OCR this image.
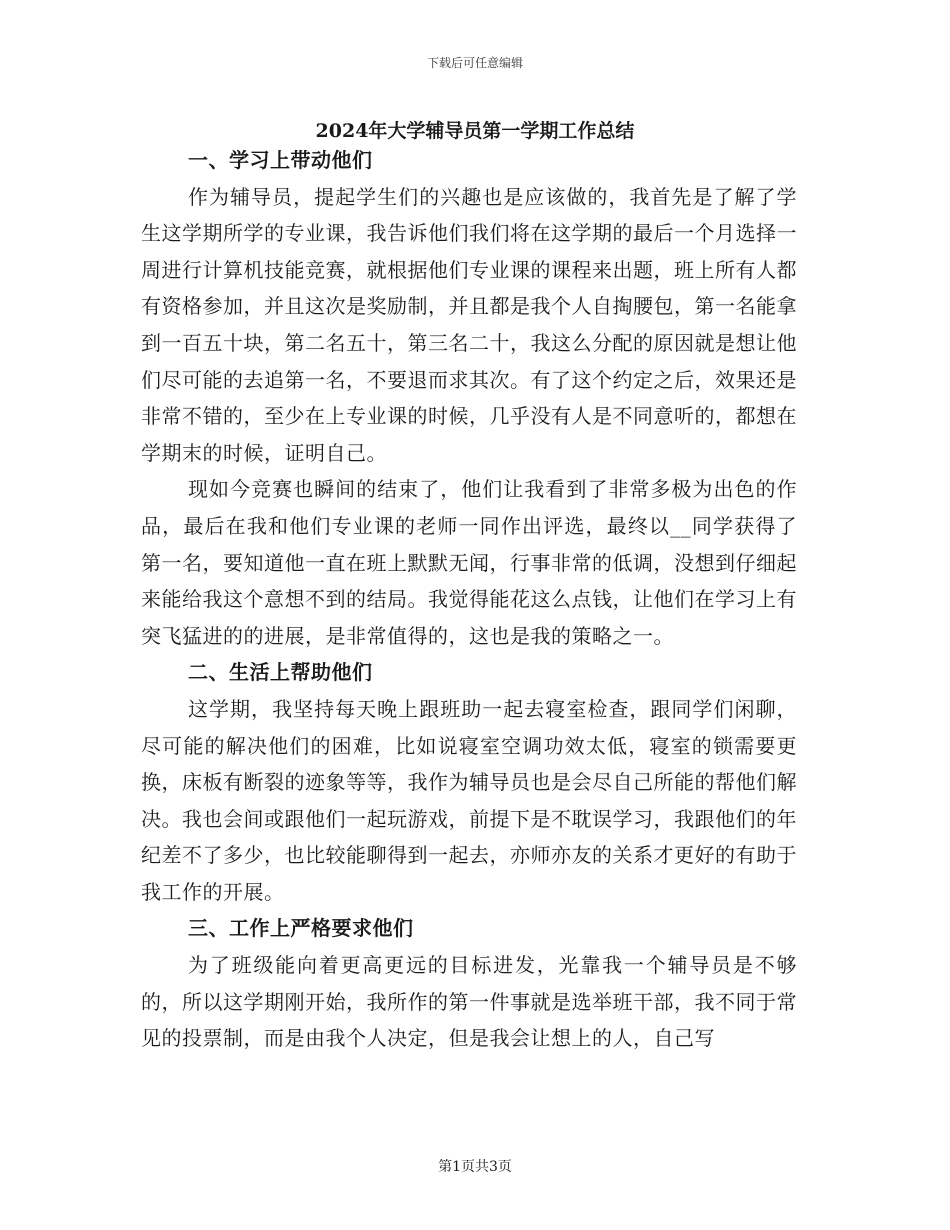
下载后可任意编辑
2024年大学辅导员第一学期工作总结

一、学习上带动他们

作为辅导员，提起学生们的兴趣也是应该做的，我首先是了解了学生这学期所学的专业课，我告诉他们我们将在这学期的最后一个月选择一周进行计算机技能竞赛，就根据他们专业课的课程来出题，班上所有人都有资格参加，并且这次是奖励制，并且都是我个人自掏腰包，第一名能拿到一百五十块，第二名五十，第三名二十，我这么分配的原因就是想让他们尽可能的去追第一名，不要退而求其次。有了这个约定之后，效果还是非常不错的，至少在上专业课的时候，几乎没有人是不同意听的，都想在学期末的时候，证明自己。

现如今竞赛也瞬间的结束了，他们让我看到了非常多极为出色的作品，最后在我和他们专业课的老师一同作出评选，最终以__同学获得了第一名，要知道他一直在班上默默无闻，行事非常的低调，没想到仔细起来能给我这个意想不到的结局。我觉得能花这么点钱，让他们在学习上有突飞猛进的的进展，是非常值得的，这也是我的策略之一。

二、生活上帮助他们

这学期，我坚持每天晚上跟班助一起去寝室检查，跟同学们闲聊，尽可能的解决他们的困难，比如说寝室空调功效太低，寝室的锁需要更换，床板有断裂的迹象等等，我作为辅导员也是会尽自己所能的帮他们解决。我也会间或跟他们一起玩游戏，前提下是不耽误学习，我跟他们的年纪差不了多少，也比较能聊得到一起去，亦师亦友的关系才更好的有助于我工作的开展。

三、工作上严格要求他们

为了班级能向着更高更远的目标进发，光靠我一个辅导员是不够的，所以这学期刚开始，我所作的第一件事就是选举班干部，我不同于常见的投票制，而是由我个人决定，但是我会让想上的人，自己写

第1页共3页
